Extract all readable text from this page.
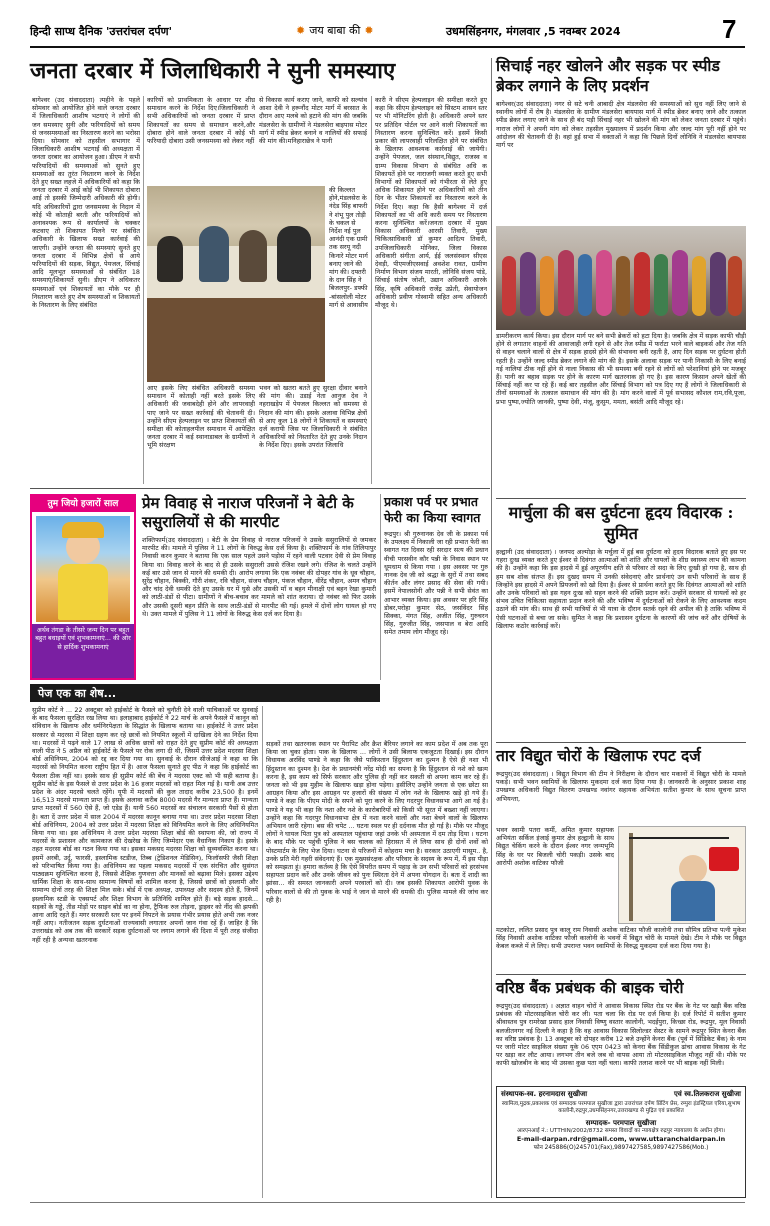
हिन्दी साप्ध दैनिक 'उत्तरांचल दर्पण'	✹ जय बाबा की ✹	उधमसिंहनगर, मंगलवार ,5 नवम्बर 2024	7
जनता दरबार में जिलाधिकारी ने सुनी समस्याए
बागेश्वर (उद संवाददाता) त्महीने के पहले सोमवार को आयोजित होने वाले जनता दरबार में जिलाधिकारी आशीष भटगाएं ने लोगों की जन समस्याए सुनी और फरियादियों को समय से जनसमस्याओं का निस्तारण करने का भरोसा दिया। सोमवार को तहसील सभागार में जिलाधिकारी आशीष भटगाईं की अध्यक्षता में जनता दरबार का आयोजन हुआ। डीएम ने सभी फरियादियों की समस्याओं को सुनते हुए समस्याओं का तुरंत निस्तारण करने के निर्देश देते हुए सख्त लहजे में अधिकारियों को कहा कि जनता दरबार में आई कोई भी शिकायत दोबारा आई तो इसकी जिम्मेदारी अधिकारी की होगी। यदि अधिकारियों द्वारा जनसमस्या के निदान में कोई भी कोताही बरती और फरियादियों को अनावश्यक रूप से कार्यालयों के चक्कर कटवाए तो शिकायत मिलने पर संबंधित अधिकारी के खिलाफ सख्त कार्रवाई की जाएगी। उन्होंने जनता की समस्याएं सुनते हुए जनता दरबार में विभिन्न क्षेत्रों से आये फरियादियों की सड़क, विद्युत, पेयजल, सिंचाई आदि मूलभूत समस्याओं से संबंधित 18 समस्याएं/शिकायतें सुनी। डीएम ने अधिकतर समस्याओं एवं शिकायतों का मौके पर ही निस्तारण करते हुए शेष समस्याओं व शिकायतों के निस्तारण के लिए संबंधित
कारियों को प्राथमिकता के आधार पर शीघ्र समाधान करने के निर्देश दिए।जिलाधिकारी ने सभी अधिकारियों को जनता दरबार में प्राप्त शिकायतों का समय से समाधान करने,और दोबारा होने वाले जनता दरबार में कोई भी फरियादी दोबारा उसी जनसमस्या को लेकर नहीं
आए इसके लिए संबंधित अधिकारी समस्या समाधान में कोताही नहीं बरते इसके लिए अधिकारी की जवाबदेही होने और लापरवाही पाए जाने पर सख्त कार्रवाई की चेतावनी दी। उन्होंने सीएम हेल्पलाइन पर प्राप्त शिकायतों की समीक्षा की कोताहलपील समाधान में आपेक्षित जनता दरबार में कई स्थानाडाबल के ग्रामीणों ने भूमि संरक्षण
से विकास कार्य कराए जाने, काफी को सल्यांव आशा देवी ने हरूनौंद मोटर मार्ग में बरसात के दौरान आए मलबे को हटाने की मांग की जबकि मंडलसेरा के ग्रामीणों ने मंडलसेरा बाइपास मोटर मार्ग में स्पीड ब्रेकर बनाने व नालियों की सफाई की मांग की।मनिहाराछेत्र ने पानी
की किल्लत होने,मंडलसेरा के नंदेड सिंह बाफरी ने शंभू पुल तोड़ी के चकल से निर्देश नई पुल आनंदी एक ग्रामी तक सरयू नदी किनारे मोटर मार्ग बनाए जाने की मांग की। दफ्तरी के दान सिंह ने बिजलपुर- डफ्फी -बांसलोली मोटर मार्ग से आवासीय
भवन को खतरा बतते हुए सुरक्षा दीवार बनाने की मांग की। उडाई नेता आनुज देव ने नहराखड़ेप में पेयजल किल्लत को समस्या से निदान की मांग की। इसके अलावा विभिन्न क्षेत्रों से आए कुल 18 लोगों ने शिकायतें व समस्याएं दर्ज करायी जिस पर जिलाधिकारी ने संबंधित अधिकारियों को निस्तारित देते हुए उनके निदान के निर्देश दिए। इसके उपरांत जिलाधि
कारी ने सीएम हेल्पलाइन की समीक्षा करते हुए कहा कि सीएम हेल्पलाइन को सिस्टम शासन स्तर पर भी मॉनिटरिंग होती है। अधिकारी अपने स्तर पर प्रतिदिन पोर्टल पर आने वाली शिकायतों का निस्तारण करना सुनिश्चित करें। इसमें किसी प्रकार की लापरवाही परिलक्षित होने पर संबंधित के खिलाफ आवश्यक कार्रवाई की जायेगी। उन्होंने पेयजल, जल संस्थान,विद्युत, राजस्व व ग्राम्य विकास विभाग से संबंधित अधि क शिकायतें होने पर नाराजगी व्यक्त करते हुए सभी विभागों को शिकायतों को गंभीरता से लेते हुए अधिक शिकायत होने पर अधिकारियों को तीन दिन के भीतर शिकायतों का निस्तारण करने के निर्देश दिए। कहा कि हैसी बागेश्वर में दर्ज शिकायतों का भी अधि कारी समय पर निस्तारण करना सुनिश्चित करें।जनता दरबार में मुख्य विकास अधिकारी आरसी तिवारी, मुख्य चिकित्साधिकारी डॉ कुमार आदित्य तिवारी, उपजिलाधिकारी मोनिका, जिला विकास अधिकारी संगीता आर्य, ईई जलसंस्थान सीएस देवड़ी, पीएमजीएसवाई अवशेश रावत, ग्रामीण निर्माण विभाग संजय मारती, लोनिवि संजय पांडे, सिंचाई संतोष जोशी, उद्यान अधिकारी आरके सिंह, कृषि अधिकारी राजेंद्र उप्रेती, सेवायोजन अधिकारी प्रवीण गोस्वामी सहित अन्य अधिकारी मौजूद थे।
सिचाई नहर खोलने और सड़क पर स्पीड ब्रेकर लगाने के लिए प्रदर्शन
बागेश्वर(उद संवाददाता) नगर से सटे चनी आबादी क्षेत्र मंडलसेरा की समस्याओं को सुध नहीं लिए जाने से स्थानीय लोगों में रोष है। मंडलसेरा के ग्रामीण मंडलसेरा बायपास मार्ग में स्पीड ब्रेकर बनाए जाने और तत्काल स्पीड ब्रेकर लगाए जाने के साथ ही बंद पड़ी सिंचाई नहर भी खोलने की मांग को लेकर जनता दरबार में पहुंचे। नाराज लोगों ने अपनी मांग को लेकर तहसील मुख्यालय में प्रदर्शन किया और जल्द मांग पूरी नहीं होने पर आंदोलन की चेतावनी दी है। वहां हुई सभा में वक्ताओं ने कहा कि पिछले दिनों लोनिवि ने मंडलसेरा बायपास मार्ग पर
डामरीकरण कार्य किया। इस दौरान मार्ग पर बने सभी ब्रेकरों को हटा दिया है। जबकि क्षेत्र में सड़क काफी चौड़ी होने से लगातार वाहनों की आवाजाही लगी रहने से और तेज स्पीड में फर्राटा भरने वाले बाइकर्स और तेज गति से वाहन चलाने वालों से क्षेत्र में सड़क हादसे होने की संभावना बनी रहती है, आए दिन सड़क पर दुर्घटना होती रहती है। उन्होंने जल्द स्पीड ब्रेकर लगाने की मांग की है। इसके अलावा सड़क पर पानी निकासी के लिए बनाई गई नालियां ठीक नहीं होने से नाला निकास की भी समस्या बनी रहने से लोगों को परेशानियां होने पर मजबूर हैं। पानी का बहाव सड़क पर होने के कारण मार्ग खतरनाक हो गए है। इस कारण किसान अपने खेतों की सिंचाई नहीं कर पा रहे हैं। कई बार तहसील और सिंचाई विभाग को पत्र दिए गए हैं लोगों ने जिलाधिकारी से तीनों समस्याओं के तत्काल समाधान की मांग की है। मांग करने वालों में पूर्व सभासद कौशल राम,रवि,पूजा, प्रभा पुष्पा,ज्योति जानकी, पुष्पा देवी, मंजू, कुसुम, ममता, बसंती आदि मौजूद रहे।
तुम जियो हजारों साल
अर्थव तंगडा के तीसरे जन्म दिन पर बहुत बहुत बधाइयों एवं शुभकामनाएं... की ओर से हार्दिक शुभकामनाएं
प्रेम विवाह से नाराज परिजनों ने बेटी के ससुरालियों से की मारपीट
शक्तिफार्म(उद संवाददाता) । बेटी के प्रेम विवाह से नाराज परिजनों ने उसके ससुरालियों से जमकर मारपीट की। मामले में पुलिस ने 11 लोगों के विरुद्ध केस दर्ज किया है। शक्तिफार्म के गांव तिलियापुर निवासी करन कुमार ने बताया कि एक साल पहले उसने पड़ोस में रहने वाली पटवार देवी से प्रेम विवाह किया था। विवाह करने के बाद से ही उसके ससुराली उससे रंजिश रखने लगे। रंजिश के चलते उन्होंने कई बार उसे जान से मारने की धमकी दी। आरोप लगाया कि एक नवंबर की दोपहर गांव के धूव चौहान, सुरेंद्र चौहान, बिक्की, गौरी शंकर, रवि चौहान, संजय चौहान, पंकज चौहान, वीरेंद्र चौहान, अमन चौहान और चांद देवी धमकी देते हुए उसके घर में घुसे और उसकी माँ व बहन मीनाक्षी एवं बहन रेखा कुमारी को लाठी-डंडों से पीटा। ग्रामीणों ने बीच-बचाव कर मामले को शांत कराया। दो नवंबर को फिर उसके और उसकी दूसरी बहन प्रीति के साथ लाठी-डंडों से मारपीट की गई। हमले में दोनों लोग घायल हो गए थे। उक्त मामले में पुलिस ने 11 लोगों के विरुद्ध केस दर्ज कर दिया है।
प्रकाश पर्व पर प्रभात फेरी का किया स्वागत
रूद्रपुर। श्री गुरुनानक देव जी के प्रकाश पर्व के उपलक्ष्य में निकाली जा रही प्रभात फेरी का स्वागत गत दिवस रही सरदार सत्य की प्रधान वीची परसवीन कौर पन्नी के निवास स्थान पर धूमधाम से किया गया । इस अवसर पर गुरु नानक देव जी को श्रद्धा के सुरों में तथा सबद कीर्तन और लंगर प्रसाद की सेवा की गयी। इसमें नेपालसोनी और पन्नी ने सभी सेवंत का आभार व्यक्त किया। इस अवसर पर हरि सिंह डोबर,परोहा कुमार सेठ, जसविंदर सिंह सिक्का, मंगत सिंह, अजीत सिंह, गुरुचरन सिंह, गुरुजीत सिंह, जसपाल व बेरा आदि समेत तमाम लोग मौजूद रहे।
मार्चुला की बस दुर्घटना हृदय विदारक : सुमित
हल्द्वानी (उद संवाददाता) । जनपद अल्मोड़ा के मर्चुला में हुई बस दुर्घटना को हृदय विदारक बताते हुए इस पर गहरा दुःख व्यक्त करते हुए ईश्वर से दिवंगत आत्माओं को शांति और घायलों के शीघ्र स्वास्थ्य लाभ की कामना की है। उन्होंने कहा कि इस हादसे में हुई अपूरणीय क्षति से परिवार तो सदा के लिए दुःखी हो गया है, साथ ही हम सब शोक संतप्त हैं। इस दुखद समय में उनकी संवेदनाएं और प्रार्थनाएं उन सभी परिवारों के साथ हैं जिन्होंने इस हादसे में अपने प्रियजनों को खो दिया है। ईश्वर से प्रार्थना करते हुए कि दिवंगत आत्माओं को शांति और उनके परिवारों को इस गहन दुःख को सहन करने की शक्ति प्रदान करें। उन्होंने सरकार से घायलों को हर संभव उचित चिकित्सा सहायता प्रदान करने की और भविष्य में दुर्घटनाओं को रोकने के लिए आवश्यक कदम उठाने की मांग की। साथ ही सभी यात्रियों से भी यात्रा के दौरान सतर्क रहने की अपील की है ताकि भविष्य में ऐसी घटनाओं से बचा जा सके। सुमित ने कहा कि प्रशासन दुर्घटना के कारणों की जांच करें और दोषियों के खिलाफ कठोर कार्रवाई करें।
पेज एक का शेष...
सुप्रीम कोर्ट ने ... 22 अक्टूबर को हाईकोर्ट के फैसले को चुनौती देने वाली याचिकाओं पर सुनवाई के बाद फैसला सुरक्षित रख लिया था। इलाहाबाद हाईकोर्ट ने 22 मार्च के अपने फैसले में कानून को संविधान के खिलाफ और धर्मनिरपेक्षता के सिद्धांत के खिलाफ बताया था। हाईकोर्ट ने उत्तर प्रदेश सरकार से मदरसा में शिक्षा ग्रहण कर रहे छात्रों को नियमित स्कूलों में दाखिला देने का निर्देश दिया था। मदरसों में पढ़ने वाले 17 लाख से अधिक छात्रों को राहत देते हुए सुप्रीम कोर्ट की अध्यक्षता वाली पीठ ने 5 अप्रैल को हाईकोर्ट के फैसले पर रोक लगा दी थी, जिसमें उत्तर प्रदेश मदरसा शिक्षा बोर्ड अधिनियम, 2004 को रद्द कर दिया गया था। सुनवाई के दौरान सीजेआई ने कहा था कि मदरसों को नियमित करना राष्ट्रीय हित में है। आज फैसला सुनाते हुए पीठ ने कहा कि हाईकोर्ट का फैसला ठीक नहीं था। इसके साथ ही सुप्रीम कोर्ट की बेंच ने मदरसा एक्ट को भी सही बताया है। सुप्रीम कोर्ट के इस फैसले से उत्तर प्रदेश के 16 हजार मदरसों को राहत मिल गई है। यानी अब उत्तर प्रदेश के अंदर मदरसे चलते रहेंगे। यूपी में मदरसों की कुल तादाद करीब 23,500 है। इनमें 16,513 मदरसे मान्यता प्राप्त हैं। इसके अलावा करीब 8000 मदरसे गैर मान्यता प्राप्त हैं। मान्यता प्राप्त मदरसों में 560 ऐसे हैं, जो एडेड हैं। यानी 560 मदरसों का संचालन सरकारी पैसों से होता है। बता दें उत्तर प्रदेश में साल 2004 में मदरसा कानून बनाया गया था। उत्तर प्रदेश मदरसा शिक्षा बोर्ड अधिनियम, 2004 को उत्तर प्रदेश में मदरसा शिक्षा को विनियमित करने के लिए अधिनियमित किया गया था। इस अधिनियम ने उत्तर प्रदेश मदरसा शिक्षा बोर्ड की स्थापना की, जो राज्य में मदरसों के प्रशासन और कामकाज की देखरेख के लिए जिम्मेदार एक वैधानिक निकाय है। इसके तहत मदरसा बोर्ड का गठन किया गया था। इसका मकसद मदरसा शिक्षा को सुव्यवस्थित करना था। इसमें अरबी, उर्दू, फारसी, इस्लामिक स्टडीज, तिब्ब (ट्रेडिशनल मेडिसिन), फिलॉसफी जैसी शिक्षा को परिभाषित किया गया है। अधिनियम का पहला मकसद मदरसों में एक संरचित और सुसंगत पाठ्यक्रम सुनिश्चित करना है, जिससे शैक्षिक गुणवत्ता और मानकों को बढ़ावा मिले। इसका उद्देश्य धार्मिक शिक्षा के साथ-साथ सामान्य विषयों को शामिल करना है, जिससे छात्रों को इस्लामी और सामान्य दोनों तरह की शिक्षा मिल सके। बोर्ड में एक अध्यक्ष, उपाध्यक्ष और सदस्य होते हैं, जिनमें इस्लामिक स्टडी के एक्सपर्ट और शिक्षा विभाग के प्रतिनिधि शामिल होते हैं। बड़े सड़क हादसे... सड़कों के गड्ढे, तीव्र मोड़ों पर साइन बोर्ड का ना होना, ट्रैफिक रुल तोड़ना, ड्राइवर को नींद की झपकी आना आदि रहते हैं। मगर सरकारी स्तर पर इनमें निपटने के प्रयास गंभीर प्रयास होते अभी तक नजर नहीं आए। नतीजतन सड़क दुर्घटनाओं राज्यवासी लगातार अपनों जान गंवा रहें हैं। जाहिर है कि उत्तराखंड को अब तक की सरकारें सड़क दुर्घटनाओं पर लगाम लगाने की दिशा में पूरी तरह संजीदा नहीं रही है अन्यथा खतरनाक
सड़कों तथा खतरनाक स्थान पर पैरापिट और क्रैश बैरियर लगाने का काम प्रदेश में अब तक पूरा किया जा चुका होता। पाक के खिलाफ ... लोगों ने उसी बिलाफ एकजुटता दिखाई। इस दौरान विधायक अरविंद पाण्डे ने कहा कि जैसे पाकिस्तान हिंदुस्तान का दुश्मन है ऐसे ही नशा भी हिंदुस्तान का दुश्मन है। देश के प्रधानमंत्री नरेंद्र मोदी का सपना है कि हिंदुस्तान से नशे को खत्म करना है, इस काम को सिर्फ सरकार और पुलिस ही नहीं कर सकती वो अपना काम कर रहे हैं। जनता को भी इस मुहीम के खिलाफ खड़ा होना पड़ेगा। इसीलिए उन्होंने जनता से एक छोटा सा आग्रहन किया और इस आग्रहन पर हजारों की संख्या में लोग नशे के खिलाफ खड़े हो गये हैं। पाण्डे ने कहा कि पीएम मोदी के सपने को पूरा करने के लिए गदरपुर विधानसभा आगे आ गई है। पाण्डे ने यह भी कहा कि नशा और नशे के कारोबारियों को किसी भी सूरत में बख्शा नहीं जाएगा। उन्होंने कहा कि गदरपुर विधानसभा क्षेत्र में नशा करने वालों और नशा बेचने वालों के खिलाफ अभियान जारी रहेगा। बस की चपेट ... घटना स्थल पर ही दर्दनाक मौत हो गई है। मौके पर मौजूद लोगों ने घायल पिता पुत्र को अस्पताल पहुंचाया जहां उनके भी अस्पताल में दम तोड़ दिया । घटना के बाद मौके पर पहुंची पुलिस ने बस चालक को हिरासत में ले लिया साथ ही दोनों शवों को पोस्टमार्टम के लिए भेज दिया। घटना से परिजनों में कोहराम मचा है। सरकार उठाएगी मासूम.. है, उनके प्रति मेरी गहरी संवेदनाएं हैं। एक मुख्यसंरक्षक और परिवार के सदस्य के रूप में, मैं इस पीड़ा को समझता हूं। हमारा कर्तव्य है कि ऐसे विपरीत समय में पहाड़ के उन सभी परिवारों को हरसंभव सहायता प्रदान करें और उनके जीवन को पुनः स्थिरता देने में अपना योगदान दें। बता दें शादी का झांसा... की समस्त जानकारी अपने परवालों को दी। जब इसकी शिकायत आरोपी युवक के परिवार वालों से की तो युवक के भाई ने जान से मारने की धमकी दी। पुलिस मामले की जांच कर रही है।
तार विद्युत चोरों के खिलाफ रपट दर्ज
रूद्रपुर(उद संवाददाता) । विद्युत विभाग की टीम ने निरीक्षण के दौरान चार मकानों में विद्युत चोरी के मामले पकड़े। सभी भवन स्वामियों के खिलाफ मुकदमा दर्ज करा दिया गया है। जानकारी के अनुसार प्रकाश शाह उपखण्ड अधिकारी विद्युत वितरण उपखण्ड नवांगर सहायक अभियंता सतीश कुमार के साथ सूचना प्राप्त अभियन्ता,
भवन स्वामी पतरा कर्मी, अमित कुमार सहायक अभियंता सर्किल इंजाई कुमार क्षेत्र हल्द्वानी के साथ विद्युत चेकिंग करने के दौरान ईश्वर नगर जन्मभूमि सिंह के घर पर बिजली चोरी पकड़ी। उसके बाद आरोपी अशोक वाटिका फौजी
मटकोटा, ललित प्रसाद पुत्र कालू राम निवासी अशोक वाटिका फौजी कालोनी तथा सौमित्र प्रतिभा पत्नी मुकेश सिंह निवासी अशोक वाटिका फौजी कालोनी के भवनों में विद्युत चोरी के मामले देखे। टीम ने मौके पर विद्युत केबल कब्जे में ले लिए। सभी उपरान्त भवन स्वामियों के विरुद्ध मुकदमा दर्ज करा दिया गया है।
वरिष्ठ बैंक प्रबंधक की बाइक चोरी
रूद्रपुर(उद संवाददाता) । अज्ञात वाहन चोरों ने आवास विकास स्थित रोड पर बैंक के गेट पर खड़ी बैंक वरिष्ठ प्रबंधक की मोटरसाइकिल चोरी कर ली। पता चला कि रोड पर दर्ज किया है। दर्ज रिपोर्ट में सतीश कुमार श्रीवास्तव पुत्र रामरेखा प्रसाद हाल निवासी विष्णु वस्तार कालोनी, भदईपुरा, किच्छा रोड, रूद्रपुर, मूल निवासी बलजीतनगर नई दिल्ली ने कहा है कि वह आवास विकास सिलोल्डर सेस्टर के सामने रूद्रपुर स्थित केनरा बैंक का वरिष्ठ प्रबंधक है। 13 अक्टूबर को दोपहर करीब 12 बजे उन्होंने केनरा बैंक (पूर्व में सिंडिकेट बैंक) के नाम पर जारी मोटर साइकिल संख्या यूके 06 एएम 0423 को केनरा बैंक सिंडीकुल ढांचा आवास विकास के गेट पर खड़ा कर लौट आया। लगभग तीन बजे जब वो वापस आया तो मोटरसाइकिल मौजूद नहीं थी। मौके पर काफी खोजबीन के बाद भी उसका कुछ पता नहीं चला। काफी तलाश करने पर भी बाइक नहीं मिली।
संस्थापक-स्व. हरनामदास सुखीजा	एवं स्व.तिलकराज सुखीजा
स्वामित्व,मुद्रक,प्रकाशक एवं सम्पादक परमपाल सुखीजा द्वारा उत्तरांचल दर्पण प्रिंटिंग प्रेस, रम्पुरा इंडस्ट्रियल एरिया,सुभाष कालोनी,रुद्रपुर,उधमसिंहनगर,उत्तराखण्ड से मुद्रित एवं प्रकाशित
सम्पादक- परमपाल सुखीजा
आरएनआई नं.: UTTHIN/2002/8732 समस्त विवादों का न्यायक्षेत्र रुद्रपुर न्यायालय के अधीन होगा।
E-mail-darpan.rdr@gmail.com, www.uttaranchaldarpan.in
फोन 245886(O)245701(Fax),9897427585,9897427586(Mob.)
